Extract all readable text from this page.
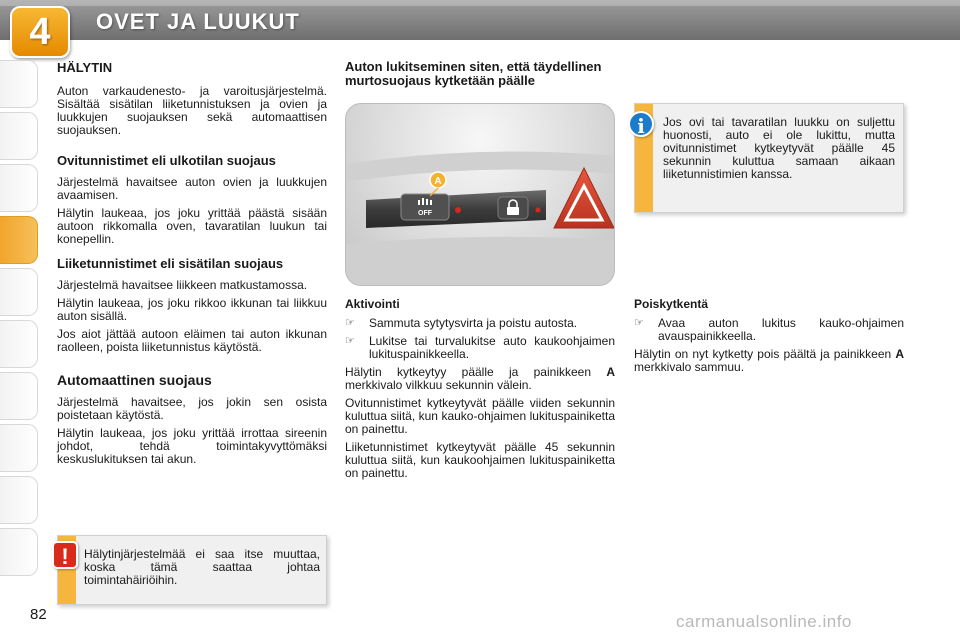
4	OVET JA LUUKUT
HÄLYTIN

Auton varkaudenesto- ja varoitusjärjestelmä. Sisältää sisätilan liiketunnistuksen ja ovien ja luukkujen suojauksen sekä automaattisen suojauksen.

Ovitunnistimet eli ulkotilan suojaus

Järjestelmä havaitsee auton ovien ja luukkujen avaamisen.

Hälytin laukeaa, jos joku yrittää päästä sisään autoon rikkomalla oven, tavaratilan luukun tai konepellin.

Liiketunnistimet eli sisätilan suojaus

Järjestelmä havaitsee liikkeen matkustamossa.

Hälytin laukeaa, jos joku rikkoo ikkunan tai liikkuu auton sisällä.

Jos aiot jättää autoon eläimen tai auton ikkunan raolleen, poista liiketunnistus käytöstä.

Automaattinen suojaus

Järjestelmä havaitsee, jos jokin sen osista poistetaan käytöstä.

Hälytin laukeaa, jos joku yrittää irrottaa sireenin johdot, tehdä toimintakyvyttömäksi keskuslukituksen tai akun.

Auton lukitseminen siten, että täydellinen murtosuojaus kytketään päälle
OFF
A
Aktivointi
☞	Sammuta sytytysvirta ja poistu autosta.
☞	Lukitse tai turvalukitse auto kaukoohjaimen lukituspainikkeella.

Hälytin kytkeytyy päälle ja painikkeen A merkkivalo vilkkuu sekunnin välein.

Ovitunnistimet kytkeytyvät päälle viiden sekunnin kuluttua siitä, kun kauko-ohjaimen lukituspainiketta on painettu.

Liiketunnistimet kytkeytyvät päälle 45 sekunnin kuluttua siitä, kun kaukoohjaimen lukituspainiketta on painettu.

Jos ovi tai tavaratilan luukku on suljettu huonosti, auto ei ole lukittu, mutta ovitunnistimet kytkeytyvät päälle 45 sekunnin kuluttua samaan aikaan liiketunnistimien kanssa.
i
Poiskytkentä
☞	Avaa auton lukitus kauko-ohjaimen avauspainikkeella.

Hälytin on nyt kytketty pois päältä ja painikkeen A merkkivalo sammuu.

Hälytinjärjestelmää ei saa itse muuttaa, koska tämä saattaa johtaa toimintahäiriöihin.
!
82	carmanualsonline.info
